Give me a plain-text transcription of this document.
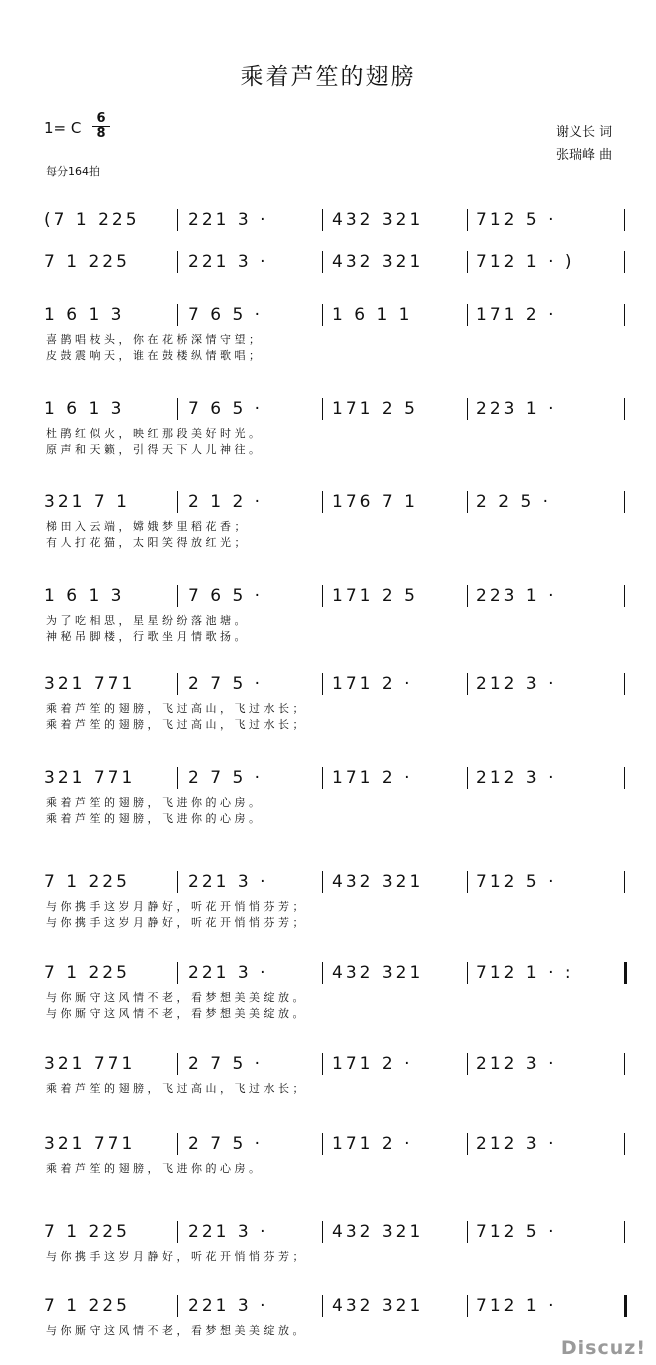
乘着芦笙的翅膀
1= C
6
8	谢义长 词
张瑞峰 曲
每分164拍
(7 1 225	221 3 ·	432 321	712 5 ·
7 1 225	221 3 ·	432 321	712 1 · )
1 6 1 3	7 6 5 ·	1 6 1 1	171 2 ·
喜 鹊 唱 枝 头 ， 你 在 花 桥 深 情 守 望 ；
皮 鼓 震 响 天 ， 谁 在 鼓 楼 纵 情 歌 唱 ；
1 6 1 3	7 6 5 ·	171 2 5	223 1 ·
杜 鹃 红 似 火 ， 映 红 那 段 美 好 时 光 。
原 声 和 天 籁 ， 引 得 天 下 人 儿 神 往 。
321 7 1	2 1 2 ·	176 7 1	2 2 5 ·
梯 田 入 云 端 ， 嫦 娥 梦 里 稻 花 香 ；
有 人 打 花 猫 ， 太 阳 笑 得 放 红 光 ；
1 6 1 3	7 6 5 ·	171 2 5	223 1 ·
为 了 吃 相 思 ， 星 星 纷 纷 落 池 塘 。
神 秘 吊 脚 楼 ， 行 歌 坐 月 情 歌 扬 。
321 771	2 7 5 ·	171 2 ·	212 3 ·
乘 着 芦 笙 的 翅 膀 ， 飞 过 高 山 ， 飞 过 水 长 ；
乘 着 芦 笙 的 翅 膀 ， 飞 过 高 山 ， 飞 过 水 长 ；
321 771	2 7 5 ·	171 2 ·	212 3 ·
乘 着 芦 笙 的 翅 膀 ， 飞 进 你 的 心 房 。
乘 着 芦 笙 的 翅 膀 ， 飞 进 你 的 心 房 。
7 1 225	221 3 ·	432 321	712 5 ·
与 你 携 手 这 岁 月 静 好 ， 听 花 开 悄 悄 芬 芳 ；
与 你 携 手 这 岁 月 静 好 ， 听 花 开 悄 悄 芬 芳 ；
7 1 225	221 3 ·	432 321	712 1 · :
与 你 厮 守 这 风 情 不 老 ， 看 梦 想 美 美 绽 放 。
与 你 厮 守 这 风 情 不 老 ， 看 梦 想 美 美 绽 放 。
321 771	2 7 5 ·	171 2 ·	212 3 ·
乘 着 芦 笙 的 翅 膀 ， 飞 过 高 山 ， 飞 过 水 长 ；
321 771	2 7 5 ·	171 2 ·	212 3 ·
乘 着 芦 笙 的 翅 膀 ， 飞 进 你 的 心 房 。
7 1 225	221 3 ·	432 321	712 5 ·
与 你 携 手 这 岁 月 静 好 ， 听 花 开 悄 悄 芬 芳 ；
7 1 225	221 3 ·	432 321	712 1 ·
与 你 厮 守 这 风 情 不 老 ， 看 梦 想 美 美 绽 放 。
Discuz!
